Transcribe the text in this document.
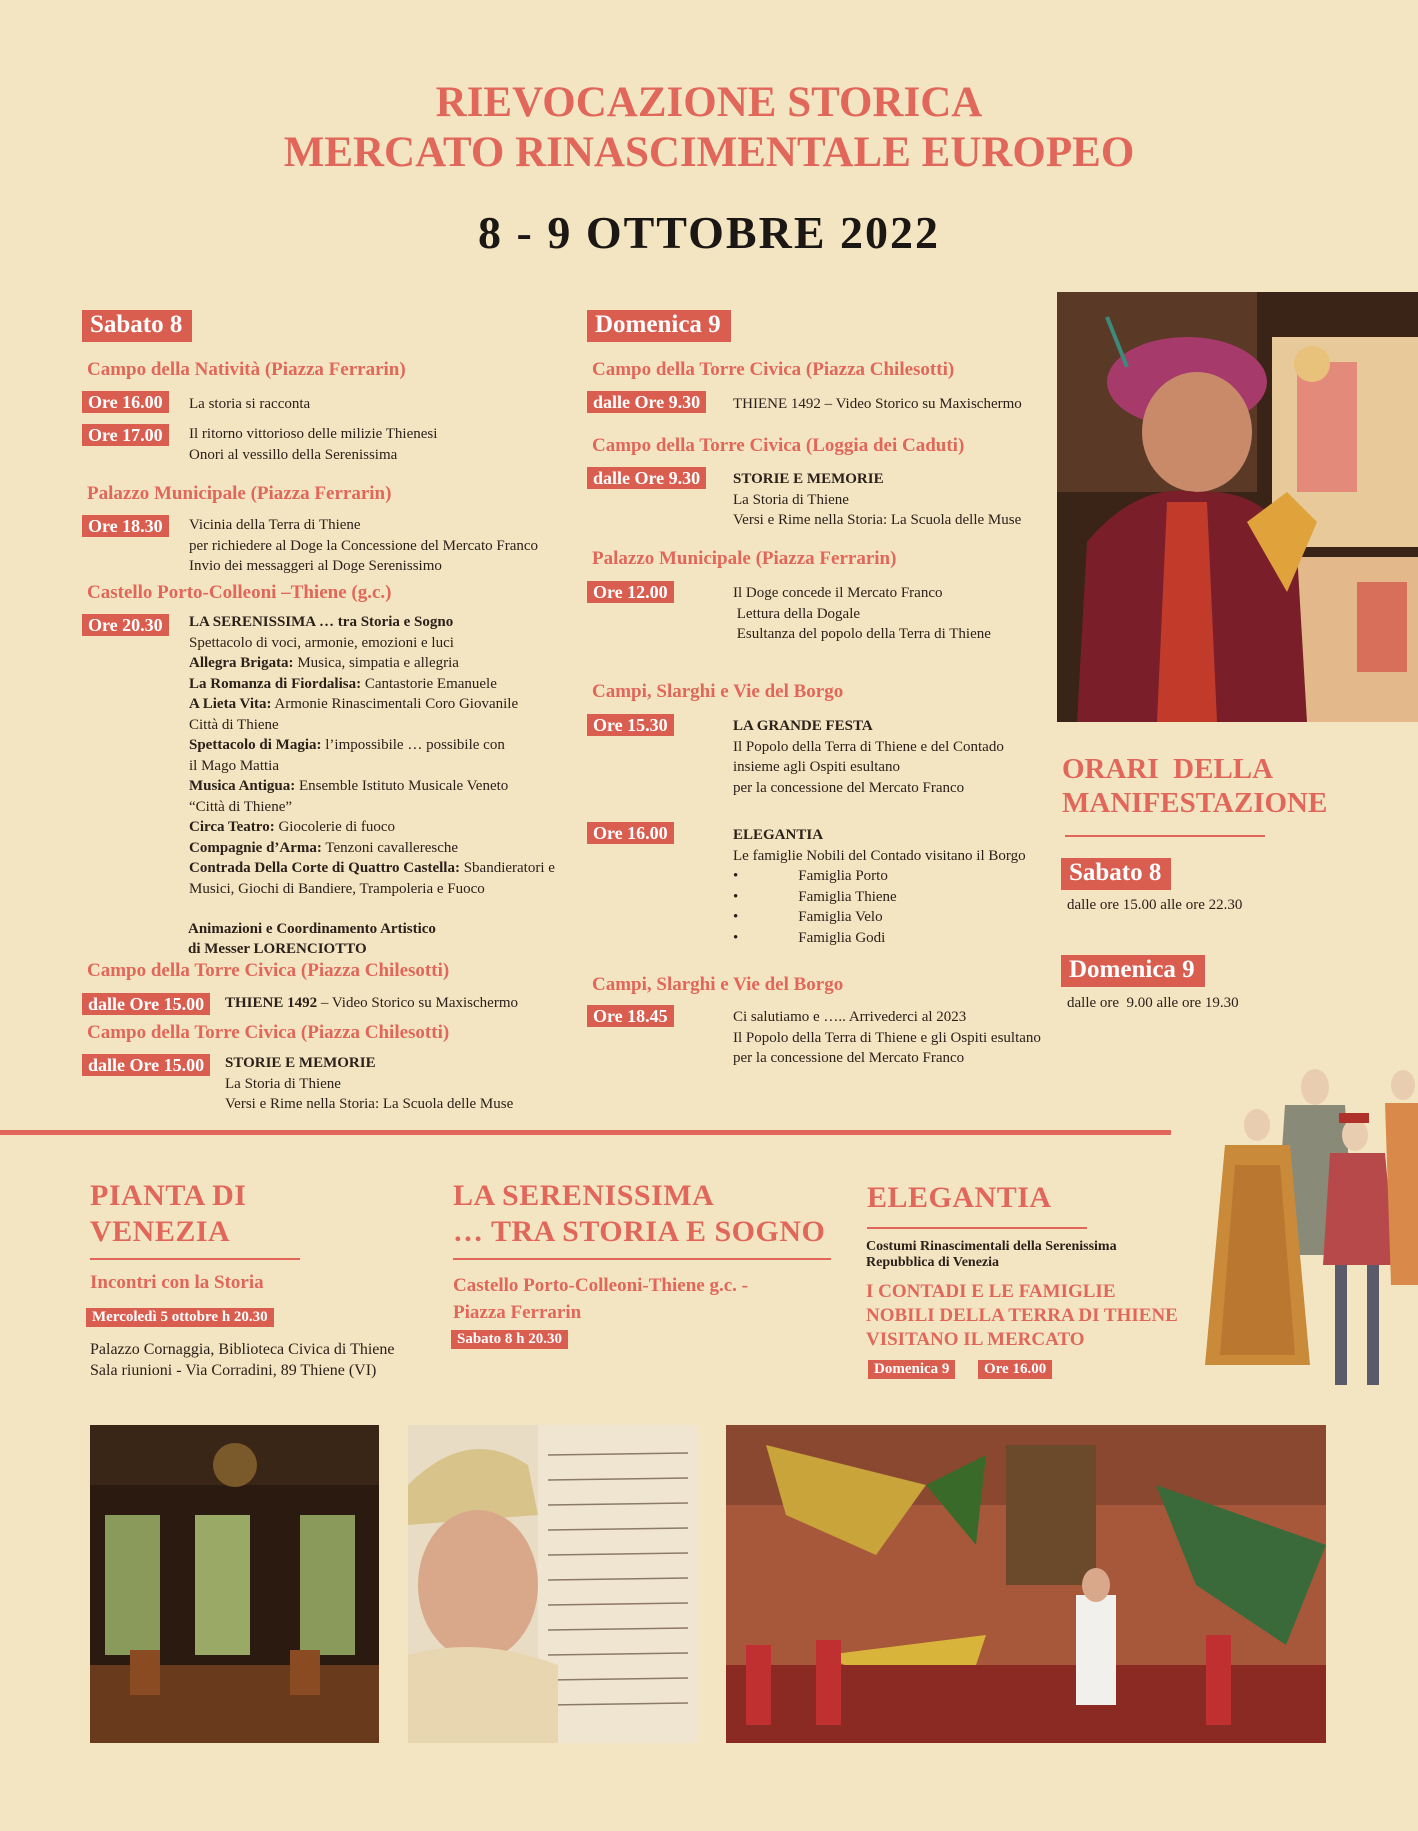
RIEVOCAZIONE STORICA
MERCATO RINASCIMENTALE EUROPEO
8 - 9 OTTOBRE 2022
Sabato 8
Campo della Natività (Piazza Ferrarin)
Ore 16.00	La storia si racconta
Ore 17.00	Il ritorno vittorioso delle milizie Thienesi
Onori al vessillo della Serenissima
Palazzo Municipale (Piazza Ferrarin)
Ore 18.30	Vicinia della Terra di Thiene
per richiedere al Doge la Concessione del Mercato Franco
Invio dei messaggeri al Doge Serenissimo
Castello Porto-Colleoni –Thiene (g.c.)
Ore 20.30	LA SERENISSIMA … tra Storia e Sogno
Spettacolo di voci, armonie, emozioni e luci
Allegra Brigata: Musica, simpatia e allegria
La Romanza di Fiordalisa: Cantastorie Emanuele
A Lieta Vita: Armonie Rinascimentali Coro Giovanile
Città di Thiene
Spettacolo di Magia: l’impossibile … possibile con
il Mago Mattia
Musica Antigua: Ensemble Istituto Musicale Veneto
“Città di Thiene”
Circa Teatro: Giocolerie di fuoco
Compagnie d’Arma: Tenzoni cavalleresche
Contrada Della Corte di Quattro Castella: Sbandieratori e
Musici, Giochi di Bandiere, Trampoleria e Fuoco
Animazioni e Coordinamento Artistico
di Messer LORENCIOTTO
Campo della Torre Civica (Piazza Chilesotti)
dalle Ore 15.00	THIENE 1492 – Video Storico su Maxischermo
Campo della Torre Civica (Piazza Chilesotti)
dalle Ore 15.00	STORIE E MEMORIE
La Storia di Thiene
Versi e Rime nella Storia: La Scuola delle Muse
Domenica 9
Campo della Torre Civica (Piazza Chilesotti)
dalle Ore 9.30	THIENE 1492 – Video Storico su Maxischermo
Campo della Torre Civica (Loggia dei Caduti)
dalle Ore 9.30	STORIE E MEMORIE
La Storia di Thiene
Versi e Rime nella Storia: La Scuola delle Muse
Palazzo Municipale (Piazza Ferrarin)
Ore 12.00	Il Doge concede il Mercato Franco
Lettura della Dogale
Esultanza del popolo della Terra di Thiene
Campi, Slarghi e Vie del Borgo
Ore 15.30	LA GRANDE FESTA
Il Popolo della Terra di Thiene e del Contado
insieme agli Ospiti esultano
per la concessione del Mercato Franco
Ore 16.00	ELEGANTIA
Le famiglie Nobili del Contado visitano il Borgo
•	Famiglia Porto
•	Famiglia Thiene
•	Famiglia Velo
•	Famiglia Godi
Campi, Slarghi e Vie del Borgo
Ore 18.45	Ci salutiamo e ….. Arrivederci al 2023
Il Popolo della Terra di Thiene e gli Ospiti esultano
per la concessione del Mercato Franco
ORARI  DELLA
MANIFESTAZIONE
Sabato 8
dalle ore 15.00 alle ore 22.30
Domenica 9
dalle ore  9.00 alle ore 19.30
PIANTA DI
VENEZIA
Incontri con la Storia
Mercoledì 5 ottobre h 20.30
Palazzo Cornaggia, Biblioteca Civica di Thiene
Sala riunioni - Via Corradini, 89 Thiene (VI)
LA SERENISSIMA
… TRA STORIA E SOGNO
Castello Porto-Colleoni-Thiene g.c. -
Piazza Ferrarin
Sabato 8 h 20.30
ELEGANTIA
Costumi Rinascimentali della Serenissima
Repubblica di Venezia
I CONTADI E LE FAMIGLIE
NOBILI DELLA TERRA DI THIENE
VISITANO IL MERCATO
Domenica 9	Ore 16.00
